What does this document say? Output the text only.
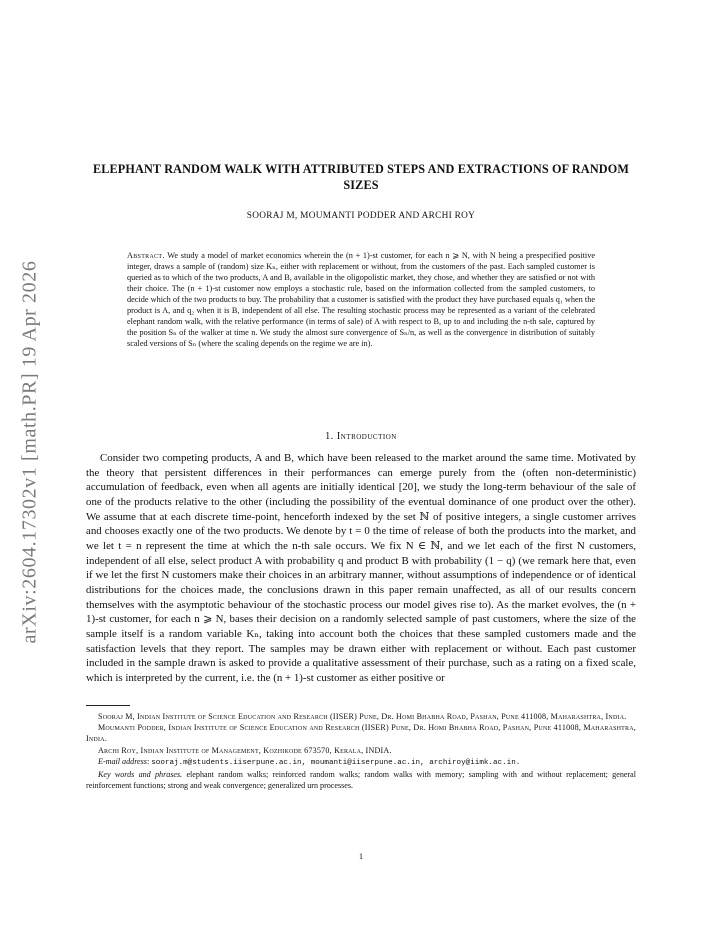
arXiv:2604.17302v1 [math.PR] 19 Apr 2026
ELEPHANT RANDOM WALK WITH ATTRIBUTED STEPS AND EXTRACTIONS OF RANDOM SIZES
SOORAJ M, MOUMANTI PODDER AND ARCHI ROY
Abstract. We study a model of market economics wherein the (n + 1)-st customer, for each n ⩾ N, with N being a prespecified positive integer, draws a sample of (random) size Kₙ, either with replacement or without, from the customers of the past. Each sampled customer is queried as to which of the two products, A and B, available in the oligopolistic market, they chose, and whether they are satisfied or not with their choice. The (n + 1)-st customer now employs a stochastic rule, based on the information collected from the sampled customers, to decide which of the two products to buy. The probability that a customer is satisfied with the product they have purchased equals q₁ when the product is A, and q₂ when it is B, independent of all else. The resulting stochastic process may be represented as a variant of the celebrated elephant random walk, with the relative performance (in terms of sale) of A with respect to B, up to and including the n-th sale, captured by the position Sₙ of the walker at time n. We study the almost sure convergence of Sₙ/n, as well as the convergence in distribution of suitably scaled versions of Sₙ (where the scaling depends on the regime we are in).
1. Introduction
Consider two competing products, A and B, which have been released to the market around the same time. Motivated by the theory that persistent differences in their performances can emerge purely from the (often non-deterministic) accumulation of feedback, even when all agents are initially identical [20], we study the long-term behaviour of the sale of one of the products relative to the other (including the possibility of the eventual dominance of one product over the other). We assume that at each discrete time-point, henceforth indexed by the set ℕ of positive integers, a single customer arrives and chooses exactly one of the two products. We denote by t = 0 the time of release of both the products into the market, and we let t = n represent the time at which the n-th sale occurs. We fix N ∈ ℕ, and we let each of the first N customers, independent of all else, select product A with probability q and product B with probability (1 − q) (we remark here that, even if we let the first N customers make their choices in an arbitrary manner, without assumptions of independence or of identical distributions for the choices made, the conclusions drawn in this paper remain unaffected, as all of our results concern themselves with the asymptotic behaviour of the stochastic process our model gives rise to). As the market evolves, the (n + 1)-st customer, for each n ⩾ N, bases their decision on a randomly selected sample of past customers, where the size of the sample itself is a random variable Kₙ, taking into account both the choices that these sampled customers made and the satisfaction levels that they report. The samples may be drawn either with replacement or without. Each past customer included in the sample drawn is asked to provide a qualitative assessment of their purchase, such as a rating on a fixed scale, which is interpreted by the current, i.e. the (n + 1)-st customer as either positive or

Sooraj M, Indian Institute of Science Education and Research (IISER) Pune, Dr. Homi Bhabha Road, Pashan, Pune 411008, Maharashtra, India.

Moumanti Podder, Indian Institute of Science Education and Research (IISER) Pune, Dr. Homi Bhabha Road, Pashan, Pune 411008, Maharashtra, India.

Archi Roy, Indian Institute of Management, Kozhikode 673570, Kerala, INDIA.

E-mail address: sooraj.m@students.iiserpune.ac.in, moumanti@iiserpune.ac.in, archiroy@iimk.ac.in.

Key words and phrases. elephant random walks; reinforced random walks; random walks with memory; sampling with and without replacement; general reinforcement functions; strong and weak convergence; generalized urn processes.

1
